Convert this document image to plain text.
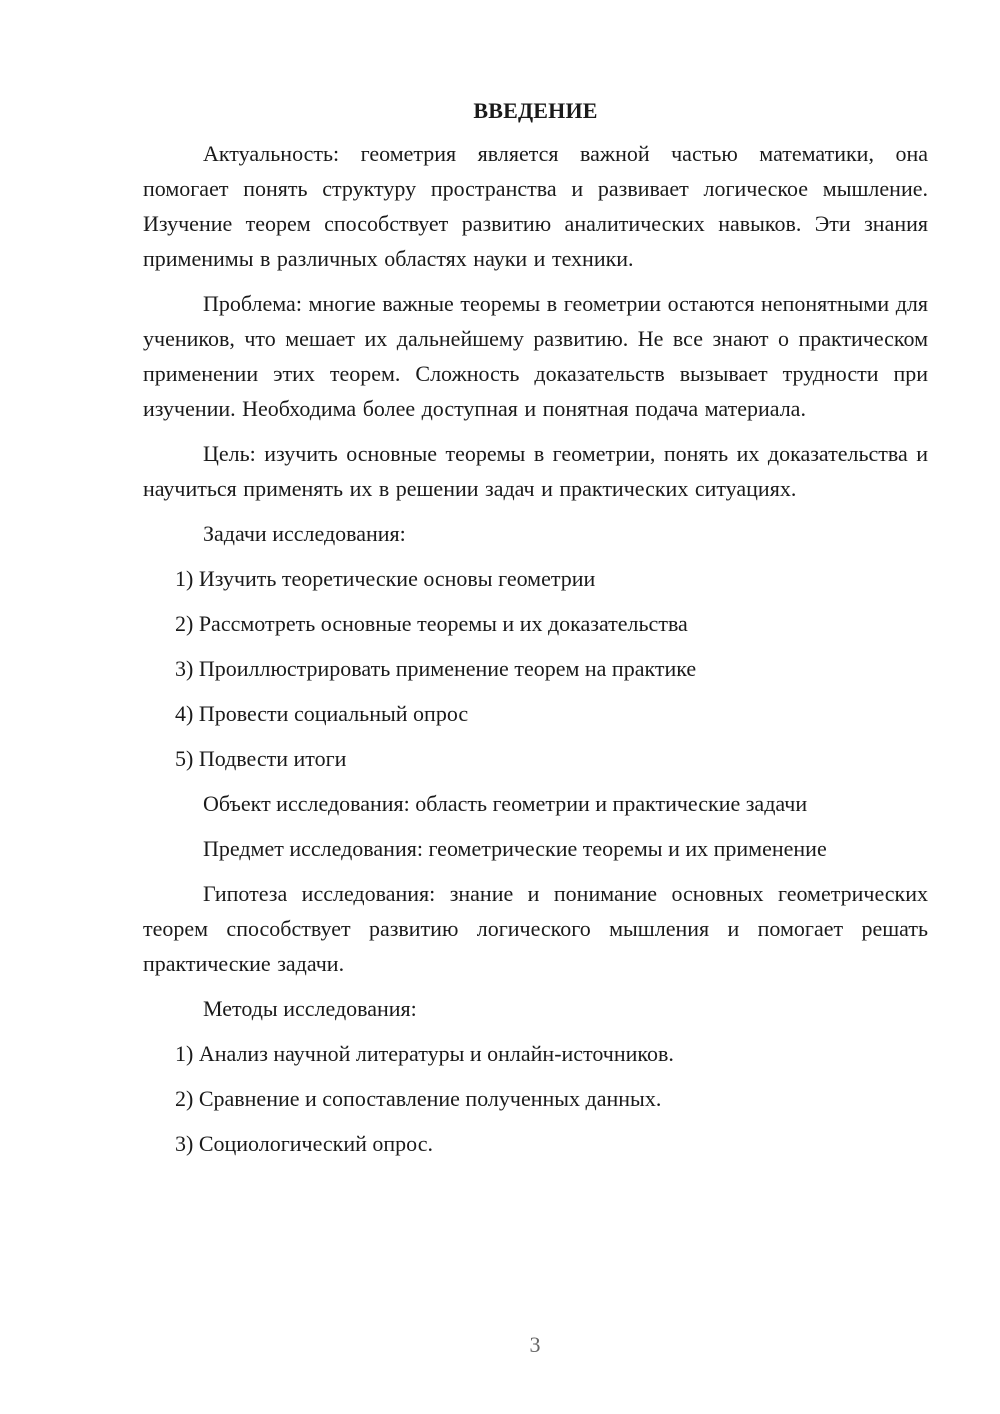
ВВЕДЕНИЕ

Актуальность: геометрия является важной частью математики, она помогает понять структуру пространства и развивает логическое мышление. Изучение теорем способствует развитию аналитических навыков. Эти знания применимы в различных областях науки и техники.

Проблема: многие важные теоремы в геометрии остаются непонятными для учеников, что мешает их дальнейшему развитию. Не все знают о практическом применении этих теорем. Сложность доказательств вызывает трудности при изучении. Необходима более доступная и понятная подача материала.

Цель: изучить основные теоремы в геометрии, понять их доказательства и научиться применять их в решении задач и практических ситуациях.

Задачи исследования:
1) Изучить теоретические основы геометрии
2) Рассмотреть основные теоремы и их доказательства
3) Проиллюстрировать применение теорем на практике
4) Провести социальный опрос
5) Подвести итоги
Объект исследования: область геометрии и практические задачи
Предмет исследования: геометрические теоремы и их применение

Гипотеза исследования: знание и понимание основных геометрических теорем способствует развитию логического мышления и помогает решать практические задачи.

Методы исследования:
1) Анализ научной литературы и онлайн-источников.
2) Сравнение и сопоставление полученных данных.
3) Социологический опрос.
3
